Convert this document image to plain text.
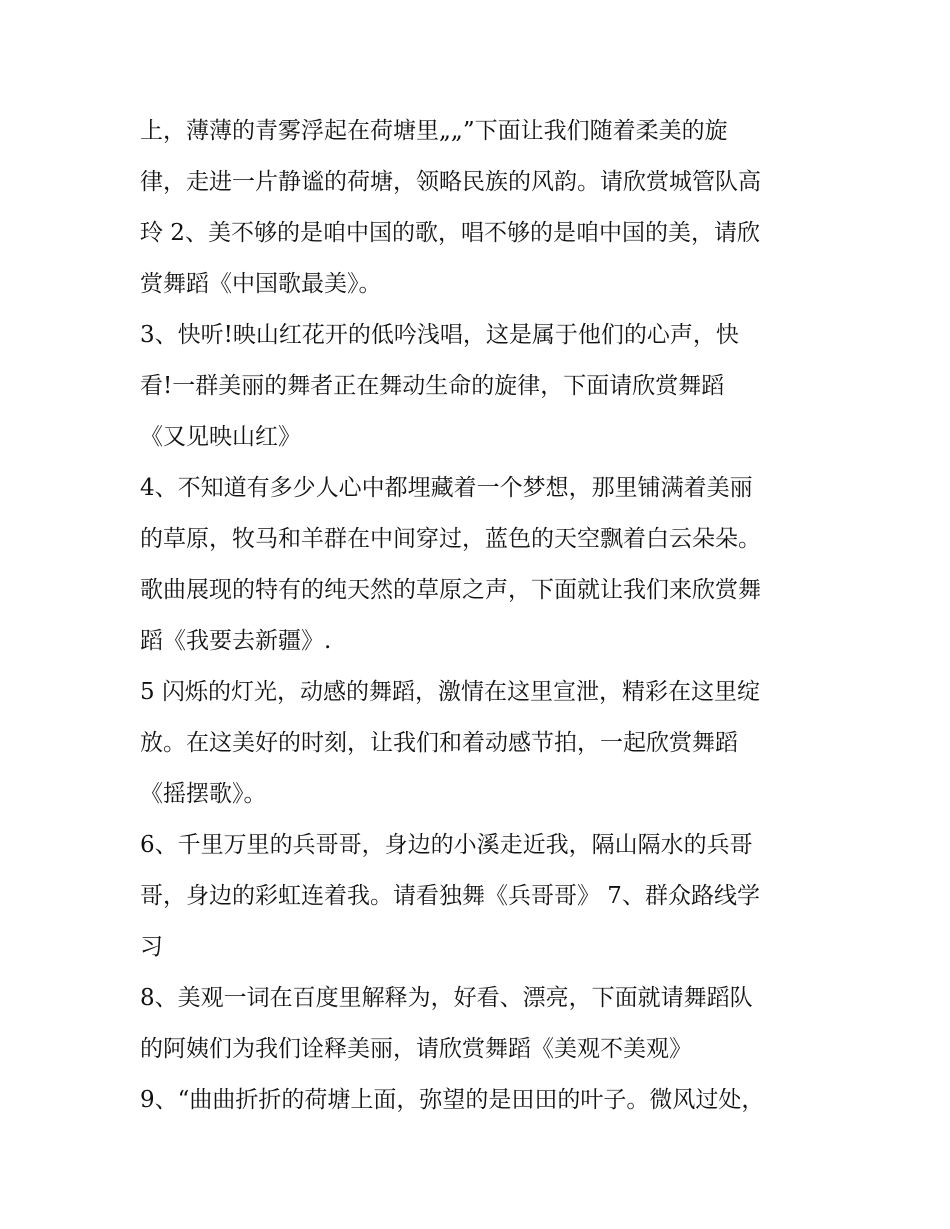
上，薄薄的青雾浮起在荷塘里„„”下面让我们随着柔美的旋
律，走进一片静谧的荷塘，领略民族的风韵。请欣赏城管队高
玲 2、美不够的是咱中国的歌，唱不够的是咱中国的美，请欣
赏舞蹈《中国歌最美》。
3、快听!映山红花开的低吟浅唱，这是属于他们的心声，快
看!一群美丽的舞者正在舞动生命的旋律，下面请欣赏舞蹈
《又见映山红》
4、不知道有多少人心中都埋藏着一个梦想，那里铺满着美丽
的草原，牧马和羊群在中间穿过，蓝色的天空飘着白云朵朵。
歌曲展现的特有的纯天然的草原之声，下面就让我们来欣赏舞
蹈《我要去新疆》.
5 闪烁的灯光，动感的舞蹈，激情在这里宣泄，精彩在这里绽
放。在这美好的时刻，让我们和着动感节拍，一起欣赏舞蹈
《摇摆歌》。
6、千里万里的兵哥哥，身边的小溪走近我，隔山隔水的兵哥
哥，身边的彩虹连着我。请看独舞《兵哥哥》 7、群众路线学
习
8、美观一词在百度里解释为，好看、漂亮，下面就请舞蹈队
的阿姨们为我们诠释美丽，请欣赏舞蹈《美观不美观》
9、“曲曲折折的荷塘上面，弥望的是田田的叶子。微风过处，
